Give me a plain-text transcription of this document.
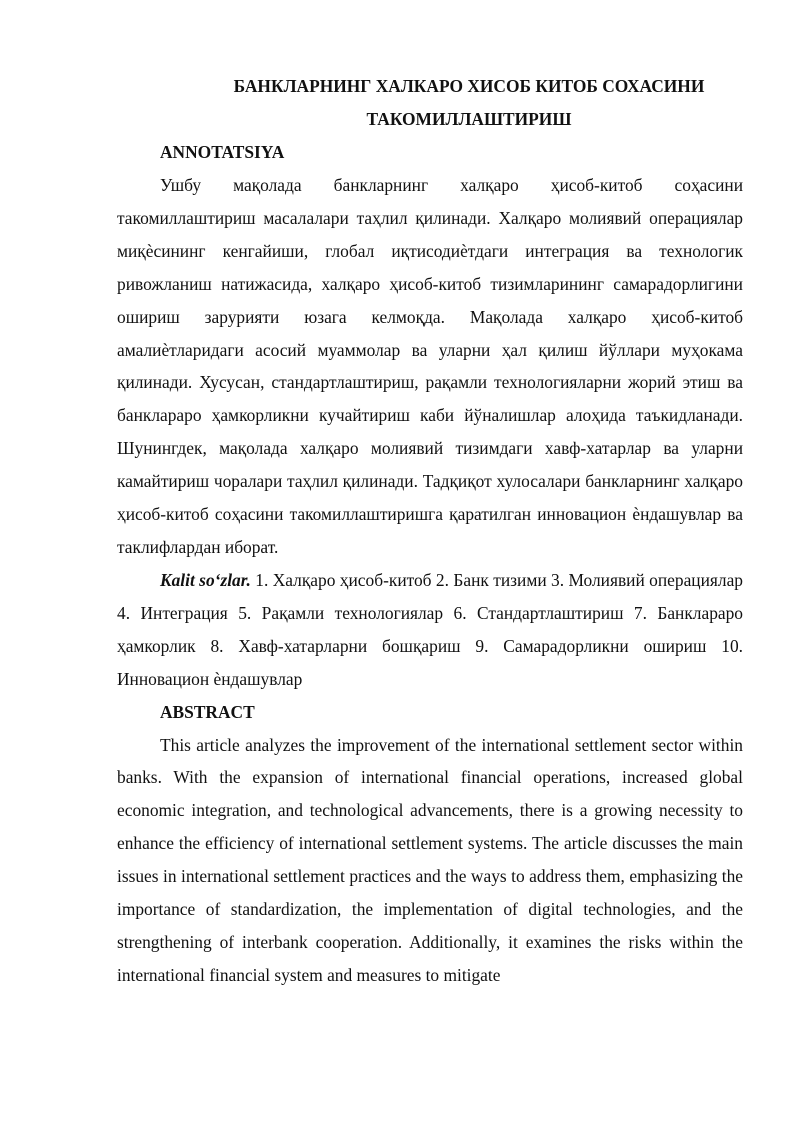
БАНКЛАРНИНГ ХАЛКАРО ХИСОБ КИТОБ СОХАСИНИ
ТАКОМИЛЛАШТИРИШ

ANNOTATSIYA

Ушбу мақолада банкларнинг халқаро ҳисоб-китоб соҳасини такомиллаштириш масалалари таҳлил қилинади. Халқаро молиявий операциялар миқѐсининг кенгайиши, глобал иқтисодиѐтдаги интеграция ва технологик ривожланиш натижасида, халқаро ҳисоб-китоб тизимларининг самарадорлигини ошириш зарурияти юзага келмоқда. Мақолада халқаро ҳисоб-китоб амалиѐтларидаги асосий муаммолар ва уларни ҳал қилиш йўллари муҳокама қилинади. Хусусан, стандартлаштириш, рақамли технологияларни жорий этиш ва банклараро ҳамкорликни кучайтириш каби йўналишлар алоҳида таъкидланади. Шунингдек, мақолада халқаро молиявий тизимдаги хавф-хатарлар ва уларни камайтириш чоралари таҳлил қилинади. Тадқиқот хулосалари банкларнинг халқаро ҳисоб-китоб соҳасини такомиллаштиришга қаратилган инновацион ѐндашувлар ва таклифлардан иборат.

Kalit so‘zlar. 1. Халқаро ҳисоб-китоб 2. Банк тизими 3. Молиявий операциялар 4. Интеграция 5. Рақамли технологиялар 6. Стандартлаштириш 7. Банклараро ҳамкорлик 8. Хавф-хатарларни бошқариш 9. Самарадорликни ошириш 10. Инновацион ѐндашувлар

ABSTRACT

This article analyzes the improvement of the international settlement sector within banks. With the expansion of international financial operations, increased global economic integration, and technological advancements, there is a growing necessity to enhance the efficiency of international settlement systems. The article discusses the main issues in international settlement practices and the ways to address them, emphasizing the importance of standardization, the implementation of digital technologies, and the strengthening of interbank cooperation. Additionally, it examines the risks within the international financial system and measures to mitigate
